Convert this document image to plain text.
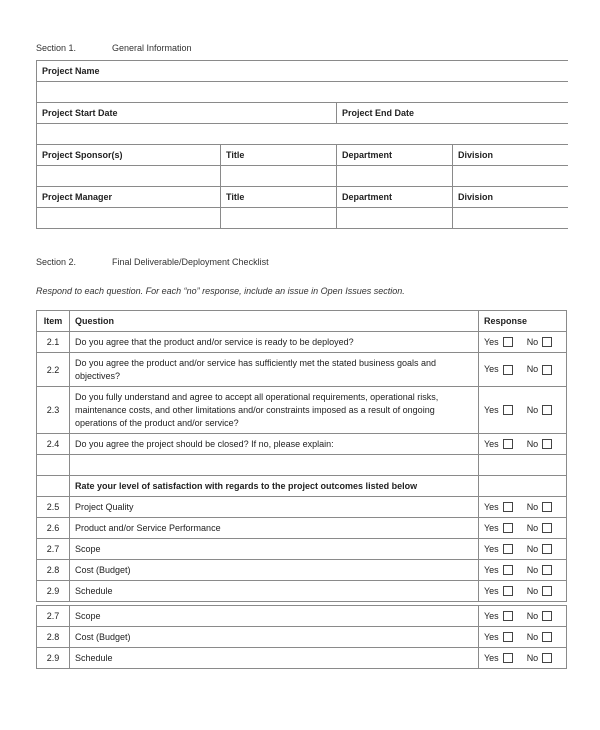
Section 1.	General Information
Project Name			

Project Start Date		Project End Date	

Project Sponsor(s)	Title	Department	Division

Project Manager	Title	Department	Division

Section 2.	Final Deliverable/Deployment Checklist
Respond to each question. For each “no” response, include an issue in Open Issues section.
Item	Question	Response
2.1	Do you agree that the product and/or service is ready to be deployed?	Yes No
2.2	Do you agree the product and/or service has sufficiently met the stated business goals and objectives?	Yes No
2.3	Do you fully understand and agree to accept all operational requirements, operational risks, maintenance costs, and other limitations and/or constraints imposed as a result of ongoing operations of the product and/or service?	Yes No
2.4	Do you agree the project should be closed? If no, please explain:	Yes No

	Rate your level of satisfaction with regards to the project outcomes listed below	
2.5	Project Quality	Yes No
2.6	Product and/or Service Performance	Yes No
2.7	Scope	Yes No
2.8	Cost (Budget)	Yes No
2.9	Schedule	Yes No

2.7	Scope	Yes No
2.8	Cost (Budget)	Yes No
2.9	Schedule	Yes No
